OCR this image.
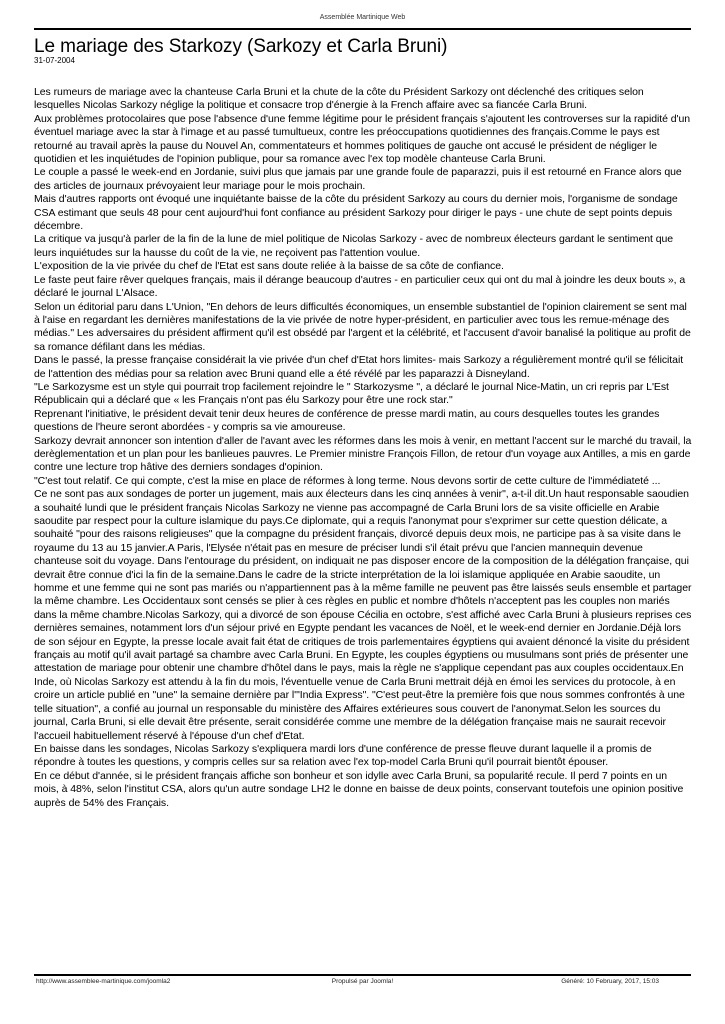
Assemblée Martinique Web
Le mariage des Starkozy (Sarkozy et Carla Bruni)
31-07-2004

Les rumeurs de mariage avec la chanteuse Carla Bruni et la chute de la côte du Président Sarkozy ont déclenché des critiques selon lesquelles Nicolas Sarkozy néglige la politique et consacre trop d'énergie à la French affaire avec sa fiancée Carla Bruni.

Aux problèmes protocolaires que pose l'absence d'une femme légitime pour le président français s'ajoutent les controverses sur la rapidité d'un éventuel mariage avec la star à l'image et au passé tumultueux, contre les préoccupations quotidiennes des français.Comme le pays est retourné au travail après la pause du Nouvel An, commentateurs et hommes politiques de gauche ont accusé le président de négliger le quotidien et les inquiétudes de l'opinion publique, pour sa romance avec l'ex top modèle chanteuse Carla Bruni.

Le couple a passé le week-end en Jordanie, suivi plus que jamais par une grande foule de paparazzi, puis il est retourné en France alors que des articles de journaux prévoyaient leur mariage pour le mois prochain.

Mais d'autres rapports ont évoqué une inquiétante baisse de la côte du président Sarkozy au cours du dernier mois, l'organisme de sondage CSA estimant que seuls 48 pour cent aujourd'hui font confiance au président Sarkozy pour diriger le pays - une chute de sept points depuis décembre.

La critique va jusqu'à parler de la fin de la lune de miel politique de Nicolas Sarkozy - avec de nombreux électeurs gardant le sentiment que leurs inquiétudes sur la hausse du coût de la vie, ne reçoivent pas l'attention voulue.

L'exposition de la vie privée du chef de l'Etat est sans doute reliée à la baisse de sa côte de confiance.

Le faste peut faire rêver quelques français, mais il dérange beaucoup d'autres - en particulier ceux qui ont du mal à joindre les deux bouts », a déclaré le journal L'Alsace.

Selon un éditorial paru dans L'Union, "En dehors de leurs difficultés économiques, un ensemble substantiel de l'opinion clairement se sent mal à l'aise en regardant les dernières manifestations de la vie privée de notre hyper-président, en particulier avec tous les remue-ménage des médias." Les adversaires du président affirment qu'il est obsédé par l'argent et la célébrité, et l'accusent d'avoir banalisé la politique au profit de sa romance défilant dans les médias.

Dans le passé, la presse française considérait la vie privée d'un chef d'Etat hors limites- mais Sarkozy a régulièrement montré qu'il se félicitait de l'attention des médias pour sa relation avec Bruni quand elle a été révélé par les paparazzi à Disneyland.

"Le Sarkozysme est un style qui pourrait trop facilement rejoindre le " Starkozysme ", a déclaré le journal Nice-Matin, un cri repris par L'Est Républicain qui a déclaré que « les Français n'ont pas élu Sarkozy pour être une rock star."

Reprenant l'initiative, le président devait tenir deux heures de conférence de presse mardi matin, au cours desquelles toutes les grandes questions de l'heure seront abordées - y compris sa vie amoureuse.

Sarkozy devrait annoncer son intention d'aller de l'avant avec les réformes dans les mois à venir, en mettant l'accent sur le marché du travail, la derèglementation et un plan pour les banlieues pauvres. Le Premier ministre François Fillon, de retour d'un voyage aux Antilles, a mis en garde contre une lecture trop hâtive des derniers sondages d'opinion.

"C'est tout relatif. Ce qui compte, c'est la mise en place de réformes à long terme. Nous devons sortir de cette culture de l'immédiateté ...

Ce ne sont pas aux sondages de porter un jugement, mais aux électeurs dans les cinq années à venir", a-t-il dit.Un haut responsable saoudien a souhaité lundi que le président français Nicolas Sarkozy ne vienne pas accompagné de Carla Bruni lors de sa visite officielle en Arabie saoudite par respect pour la culture islamique du pays.Ce diplomate, qui a requis l'anonymat pour s'exprimer sur cette question délicate, a souhaité "pour des raisons religieuses" que la compagne du président français, divorcé depuis deux mois, ne participe pas à sa visite dans le royaume du 13 au 15 janvier.A Paris, l'Elysée n'était pas en mesure de préciser lundi s'il était prévu que l'ancien mannequin devenue chanteuse soit du voyage. Dans l'entourage du président, on indiquait ne pas disposer encore de la composition de la délégation française, qui devrait être connue d'ici la fin de la semaine.Dans le cadre de la stricte interprétation de la loi islamique appliquée en Arabie saoudite, un homme et une femme qui ne sont pas mariés ou n'appartiennent pas à la même famille ne peuvent pas être laissés seuls ensemble et partager la même chambre. Les Occidentaux sont censés se plier à ces règles en public et nombre d'hôtels n'acceptent pas les couples non mariés dans la même chambre.Nicolas Sarkozy, qui a divorcé de son épouse Cécilia en octobre, s'est affiché avec Carla Bruni à plusieurs reprises ces dernières semaines, notamment lors d'un séjour privé en Egypte pendant les vacances de Noël, et le week-end dernier en Jordanie.Déjà lors de son séjour en Egypte, la presse locale avait fait état de critiques de trois parlementaires égyptiens qui avaient dénoncé la visite du président français au motif qu'il avait partagé sa chambre avec Carla Bruni. En Egypte, les couples égyptiens ou musulmans sont priés de présenter une attestation de mariage pour obtenir une chambre d'hôtel dans le pays, mais la règle ne s'applique cependant pas aux couples occidentaux.En Inde, où Nicolas Sarkozy est attendu à la fin du mois, l'éventuelle venue de Carla Bruni mettrait déjà en émoi les services du protocole, à en croire un article publié en "une" la semaine dernière par l'"India Express". "C'est peut-être la première fois que nous sommes confrontés à une telle situation", a confié au journal un responsable du ministère des Affaires extérieures sous couvert de l'anonymat.Selon les sources du journal, Carla Bruni, si elle devait être présente, serait considérée comme une membre de la délégation française mais ne saurait recevoir l'accueil habituellement réservé à l'épouse d'un chef d'Etat.

En baisse dans les sondages, Nicolas Sarkozy s'expliquera mardi lors d'une conférence de presse fleuve durant laquelle il a promis de répondre à toutes les questions, y compris celles sur sa relation avec l'ex top-model Carla Bruni qu'il pourrait bientôt épouser.

En ce début d'année, si le président français affiche son bonheur et son idylle avec Carla Bruni, sa popularité recule. Il perd 7 points en un mois, à 48%, selon l'institut CSA, alors qu'un autre sondage LH2 le donne en baisse de deux points, conservant toutefois une opinion positive auprès de 54% des Français.

http://www.assemblee-martinique.com/joomla2	Propulsé par Joomla!	Généré: 10 February, 2017, 15:03
